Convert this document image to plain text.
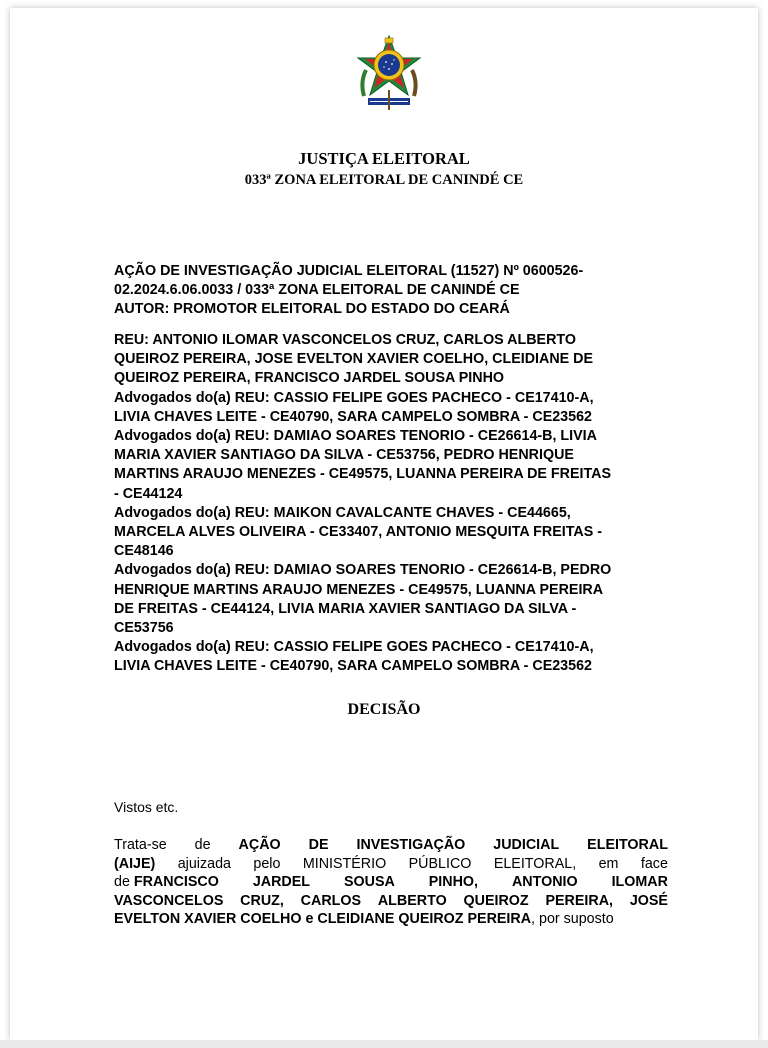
JUSTIÇA ELEITORAL
033ª ZONA ELEITORAL DE CANINDÉ CE
AÇÃO DE INVESTIGAÇÃO JUDICIAL ELEITORAL (11527) Nº 0600526-
02.2024.6.06.0033 / 033ª ZONA ELEITORAL DE CANINDÉ CE
AUTOR: PROMOTOR ELEITORAL DO ESTADO DO CEARÁ
REU: ANTONIO ILOMAR VASCONCELOS CRUZ, CARLOS ALBERTO
QUEIROZ PEREIRA, JOSE EVELTON XAVIER COELHO, CLEIDIANE DE
QUEIROZ PEREIRA, FRANCISCO JARDEL SOUSA PINHO
Advogados do(a) REU: CASSIO FELIPE GOES PACHECO - CE17410-A,
LIVIA CHAVES LEITE - CE40790, SARA CAMPELO SOMBRA - CE23562
Advogados do(a) REU: DAMIAO SOARES TENORIO - CE26614-B, LIVIA
MARIA XAVIER SANTIAGO DA SILVA - CE53756, PEDRO HENRIQUE
MARTINS ARAUJO MENEZES - CE49575, LUANNA PEREIRA DE FREITAS
- CE44124
Advogados do(a) REU: MAIKON CAVALCANTE CHAVES - CE44665,
MARCELA ALVES OLIVEIRA - CE33407, ANTONIO MESQUITA FREITAS -
CE48146
Advogados do(a) REU: DAMIAO SOARES TENORIO - CE26614-B, PEDRO
HENRIQUE MARTINS ARAUJO MENEZES - CE49575, LUANNA PEREIRA
DE FREITAS - CE44124, LIVIA MARIA XAVIER SANTIAGO DA SILVA -
CE53756
Advogados do(a) REU: CASSIO FELIPE GOES PACHECO - CE17410-A,
LIVIA CHAVES LEITE - CE40790, SARA CAMPELO SOMBRA - CE23562
DECISÃO
Vistos etc.
Trata-se de AÇÃO DE INVESTIGAÇÃO JUDICIAL ELEITORAL
(AIJE) ajuizada pelo MINISTÉRIO PÚBLICO ELEITORAL, em face
de FRANCISCO JARDEL SOUSA PINHO, ANTONIO ILOMAR
VASCONCELOS CRUZ, CARLOS ALBERTO QUEIROZ PEREIRA, JOSÉ
EVELTON XAVIER COELHO e CLEIDIANE QUEIROZ PEREIRA, por suposto
